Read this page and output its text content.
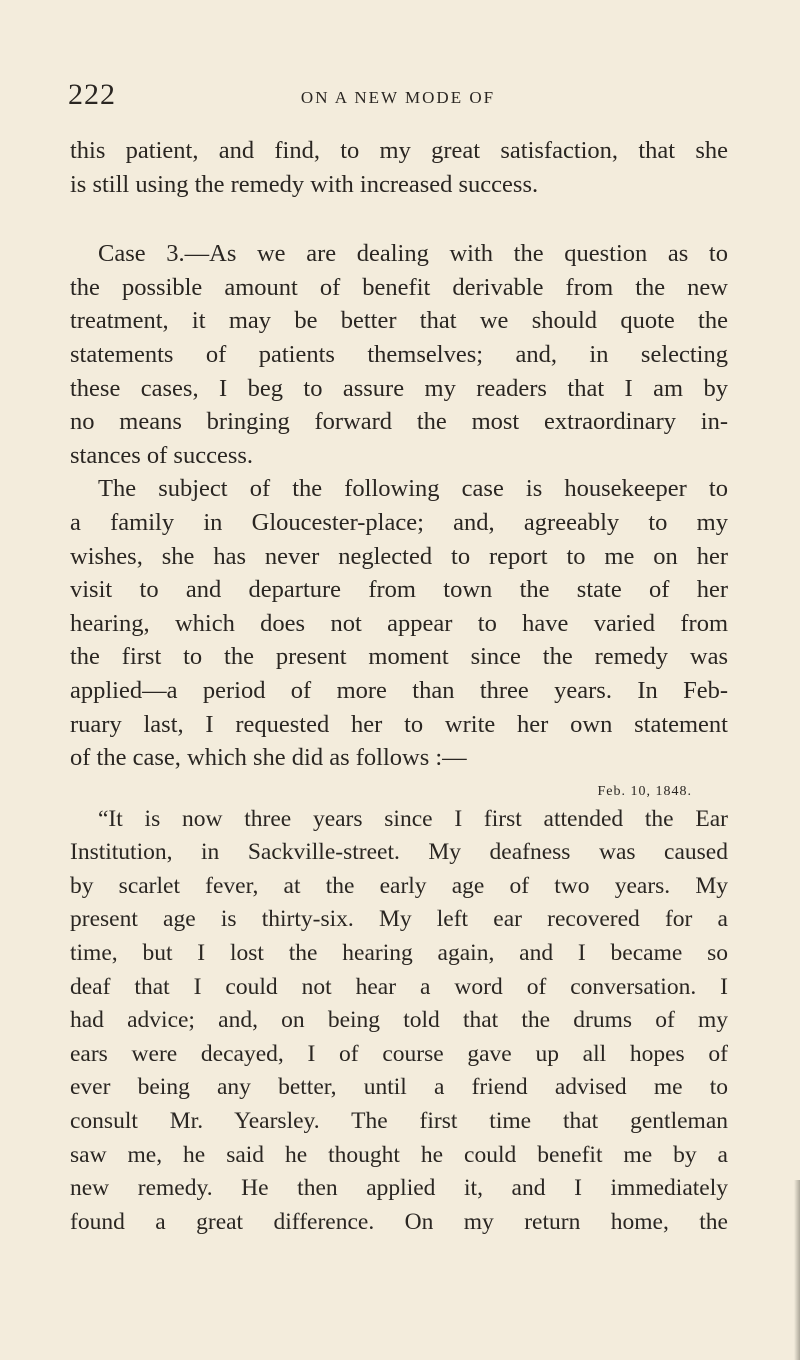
222	ON A NEW MODE OF
this patient, and find, to my great satisfaction, that she
is still using the remedy with increased success.
Case 3.—As we are dealing with the question as to
the possible amount of benefit derivable from the new
treatment, it may be better that we should quote the
statements of patients themselves; and, in selecting
these cases, I beg to assure my readers that I am by
no means bringing forward the most extraordinary in-
stances of success.
The subject of the following case is housekeeper to
a family in Gloucester-place; and, agreeably to my
wishes, she has never neglected to report to me on her
visit to and departure from town the state of her
hearing, which does not appear to have varied from
the first to the present moment since the remedy was
applied—a period of more than three years. In Feb-
ruary last, I requested her to write her own statement
of the case, which she did as follows :—
Feb. 10, 1848.
“It is now three years since I first attended the Ear
Institution, in Sackville-street. My deafness was caused
by scarlet fever, at the early age of two years. My
present age is thirty-six. My left ear recovered for a
time, but I lost the hearing again, and I became so
deaf that I could not hear a word of conversation. I
had advice; and, on being told that the drums of my
ears were decayed, I of course gave up all hopes of
ever being any better, until a friend advised me to
consult Mr. Yearsley. The first time that gentleman
saw me, he said he thought he could benefit me by a
new remedy. He then applied it, and I immediately
found a great difference. On my return home, the
